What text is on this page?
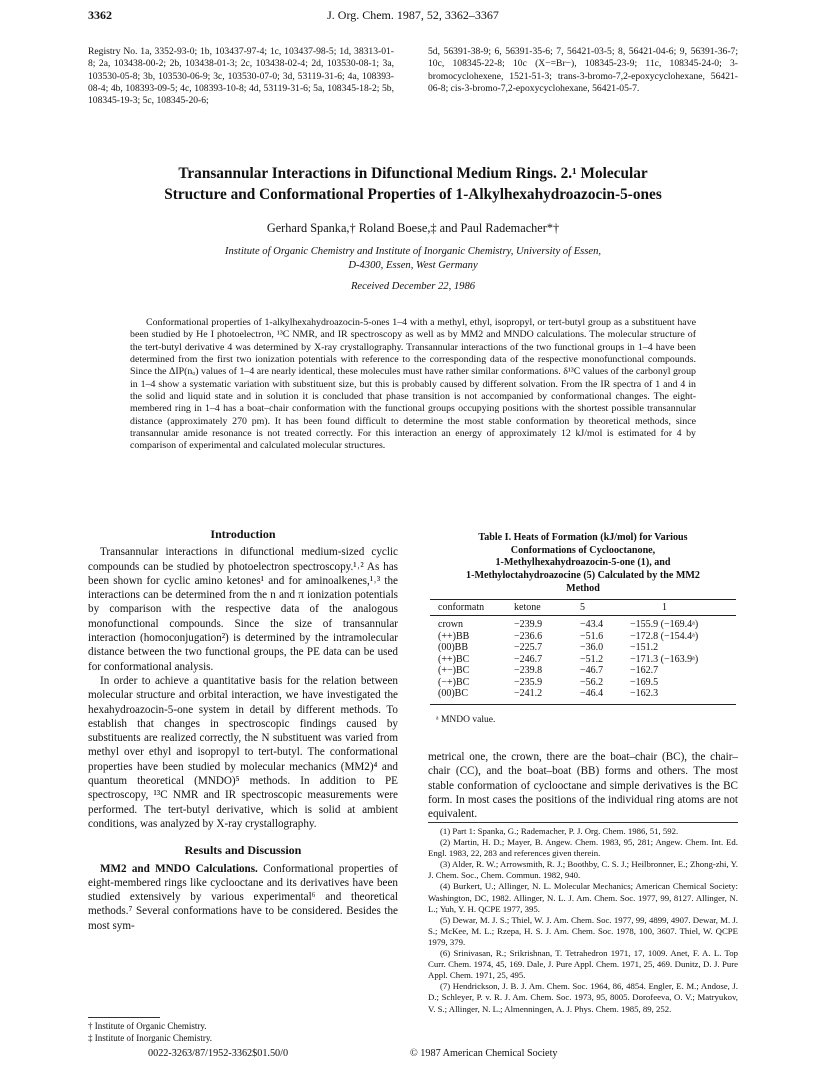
3362	J. Org. Chem. 1987, 52, 3362–3367
Registry No. 1a, 3352-93-0; 1b, 103437-97-4; 1c, 103437-98-5; 1d, 38313-01-8; 2a, 103438-00-2; 2b, 103438-01-3; 2c, 103438-02-4; 2d, 103530-08-1; 3a, 103530-05-8; 3b, 103530-06-9; 3c, 103530-07-0; 3d, 53119-31-6; 4a, 108393-08-4; 4b, 108393-09-5; 4c, 108393-10-8; 4d, 53119-31-6; 5a, 108345-18-2; 5b, 108345-19-3; 5c, 108345-20-6;
5d, 56391-38-9; 6, 56391-35-6; 7, 56421-03-5; 8, 56421-04-6; 9, 56391-36-7; 10c, 108345-22-8; 10c (X−=Br−), 108345-23-9; 11c, 108345-24-0; 3-bromocyclohexene, 1521-51-3; trans-3-bromo-7,2-epoxycyclohexane, 56421-06-8; cis-3-bromo-7,2-epoxycyclohexane, 56421-05-7.
Transannular Interactions in Difunctional Medium Rings. 2.¹ Molecular
Structure and Conformational Properties of 1-Alkylhexahydroazocin-5-ones
Gerhard Spanka,† Roland Boese,‡ and Paul Rademacher*†
Institute of Organic Chemistry and Institute of Inorganic Chemistry, University of Essen,
D-4300, Essen, West Germany
Received December 22, 1986
Conformational properties of 1-alkylhexahydroazocin-5-ones 1–4 with a methyl, ethyl, isopropyl, or tert-butyl group as a substituent have been studied by He I photoelectron, ¹³C NMR, and IR spectroscopy as well as by MM2 and MNDO calculations. The molecular structure of the tert-butyl derivative 4 was determined by X-ray crystallography. Transannular interactions of the two functional groups in 1–4 have been determined from the first two ionization potentials with reference to the corresponding data of the respective monofunctional compounds. Since the ΔIP(nₒ) values of 1–4 are nearly identical, these molecules must have rather similar conformations. δ¹³C values of the carbonyl group in 1–4 show a systematic variation with substituent size, but this is probably caused by different solvation. From the IR spectra of 1 and 4 in the solid and liquid state and in solution it is concluded that phase transition is not accompanied by conformational changes. The eight-membered ring in 1–4 has a boat–chair conformation with the functional groups occupying positions with the shortest possible transannular distance (approximately 270 pm). It has been found difficult to determine the most stable conformation by theoretical methods, since transannular amide resonance is not treated correctly. For this interaction an energy of approximately 12 kJ/mol is estimated for 4 by comparison of experimental and calculated molecular structures.
Introduction

Transannular interactions in difunctional medium-sized cyclic compounds can be studied by photoelectron spectroscopy.¹˒² As has been shown for cyclic amino ketones¹ and for aminoalkenes,¹˒³ the interactions can be determined from the n and π ionization potentials by comparison with the respective data of the analogous monofunctional compounds. Since the size of transannular interaction (homoconjugation²) is determined by the intramolecular distance between the two functional groups, the PE data can be used for conformational analysis.

In order to achieve a quantitative basis for the relation between molecular structure and orbital interaction, we have investigated the hexahydroazocin-5-one system in detail by different methods. To establish that changes in spectroscopic findings caused by substituents are realized correctly, the N substituent was varied from methyl over ethyl and isopropyl to tert-butyl. The conformational properties have been studied by molecular mechanics (MM2)⁴ and quantum theoretical (MNDO)⁵ methods. In addition to PE spectroscopy, ¹³C NMR and IR spectroscopic measurements were performed. The tert-butyl derivative, which is solid at ambient conditions, was analyzed by X-ray crystallography.

Results and Discussion

MM2 and MNDO Calculations. Conformational properties of eight-membered rings like cyclooctane and its derivatives have been studied extensively by various experimental⁶ and theoretical methods.⁷ Several conformations have to be considered. Besides the most sym-

† Institute of Organic Chemistry.
‡ Institute of Inorganic Chemistry.
Table I. Heats of Formation (kJ/mol) for Various
Conformations of Cyclooctanone,
1-Methylhexahydroazocin-5-one (1), and
1-Methyloctahydroazocine (5) Calculated by the MM2
Method
conformatn	ketone	5	1
crown	−239.9	−43.4	−155.9 (−169.4ᵃ)
(++)BB	−236.6	−51.6	−172.8 (−154.4ᵃ)
(00)BB	−225.7	−36.0	−151.2
(++)BC	−246.7	−51.2	−171.3 (−163.9ᵃ)
(+−)BC	−239.8	−46.7	−162.7
(−+)BC	−235.9	−56.2	−169.5
(00)BC	−241.2	−46.4	−162.3
ᵃ MNDO value.
metrical one, the crown, there are the boat–chair (BC), the chair–chair (CC), and the boat–boat (BB) forms and others. The most stable conformation of cyclooctane and simple derivatives is the BC form. In most cases the positions of the individual ring atoms are not equivalent.
(1) Part 1: Spanka, G.; Rademacher, P. J. Org. Chem. 1986, 51, 592.
(2) Martin, H. D.; Mayer, B. Angew. Chem. 1983, 95, 281; Angew. Chem. Int. Ed. Engl. 1983, 22, 283 and references given therein.
(3) Alder, R. W.; Arrowsmith, R. J.; Boothby, C. S. J.; Heilbronner, E.; Zhong-zhi, Y. J. Chem. Soc., Chem. Commun. 1982, 940.
(4) Burkert, U.; Allinger, N. L. Molecular Mechanics; American Chemical Society: Washington, DC, 1982. Allinger, N. L. J. Am. Chem. Soc. 1977, 99, 8127. Allinger, N. L.; Yuh, Y. H. QCPE 1977, 395.
(5) Dewar, M. J. S.; Thiel, W. J. Am. Chem. Soc. 1977, 99, 4899, 4907. Dewar, M. J. S.; McKee, M. L.; Rzepa, H. S. J. Am. Chem. Soc. 1978, 100, 3607. Thiel, W. QCPE 1979, 379.
(6) Srinivasan, R.; Srikrishnan, T. Tetrahedron 1971, 17, 1009. Anet, F. A. L. Top Curr. Chem. 1974, 45, 169. Dale, J. Pure Appl. Chem. 1971, 25, 469. Dunitz, D. J. Pure Appl. Chem. 1971, 25, 495.
(7) Hendrickson, J. B. J. Am. Chem. Soc. 1964, 86, 4854. Engler, E. M.; Andose, J. D.; Schleyer, P. v. R. J. Am. Chem. Soc. 1973, 95, 8005. Dorofeeva, O. V.; Matryukov, V. S.; Allinger, N. L.; Almenningen, A. J. Phys. Chem. 1985, 89, 252.
0022-3263/87/1952-3362$01.50/0	© 1987 American Chemical Society
